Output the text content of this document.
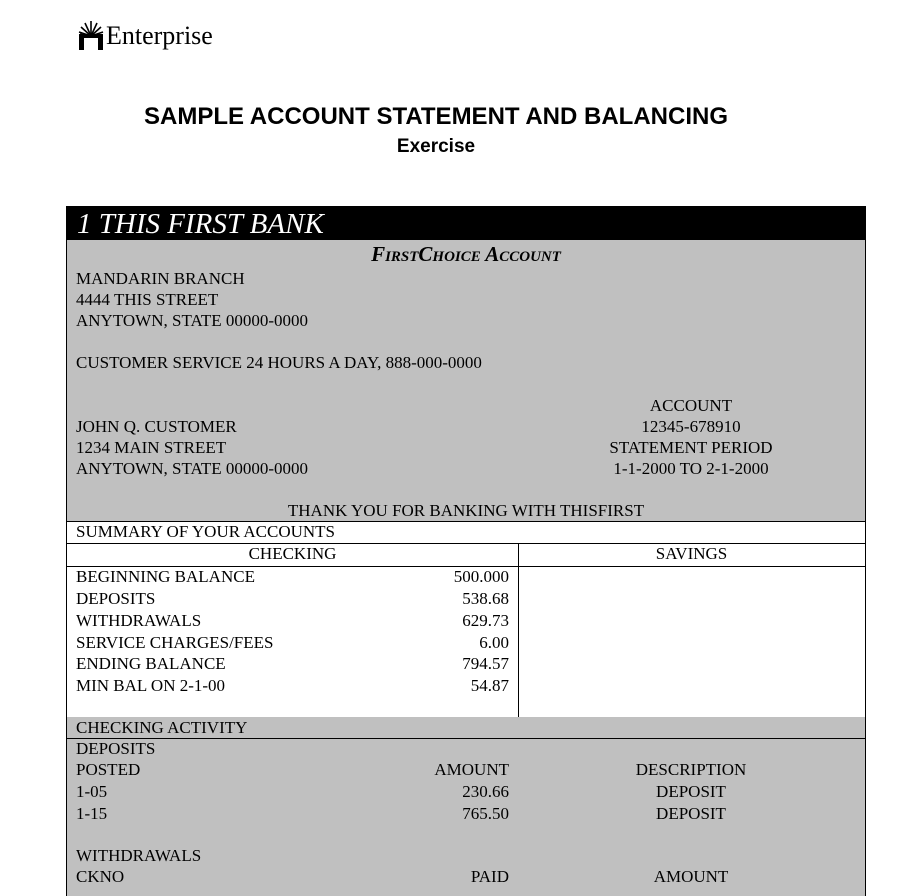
Enterprise
SAMPLE ACCOUNT STATEMENT AND BALANCING
Exercise
1 THIS FIRST BANK
FirstChoice Account
MANDARIN BRANCH
4444 THIS STREET
ANYTOWN, STATE 00000-0000
CUSTOMER SERVICE 24 HOURS A DAY, 888-000-0000
JOHN Q. CUSTOMER
1234 MAIN STREET
ANYTOWN, STATE 00000-0000
ACCOUNT
12345-678910
STATEMENT PERIOD
1-1-2000 TO 2-1-2000
THANK YOU FOR BANKING WITH THISFIRST
SUMMARY OF YOUR ACCOUNTS
CHECKING	SAVINGS
BEGINNING BALANCE	500.000
DEPOSITS	538.68
WITHDRAWALS	629.73
SERVICE CHARGES/FEES	6.00
ENDING BALANCE	794.57
MIN BAL ON 2-1-00	54.87
CHECKING ACTIVITY
DEPOSITS
POSTED	AMOUNT	DESCRIPTION
1-05	230.66	DEPOSIT
1-15	765.50	DEPOSIT
WITHDRAWALS
CKNO	PAID	AMOUNT
